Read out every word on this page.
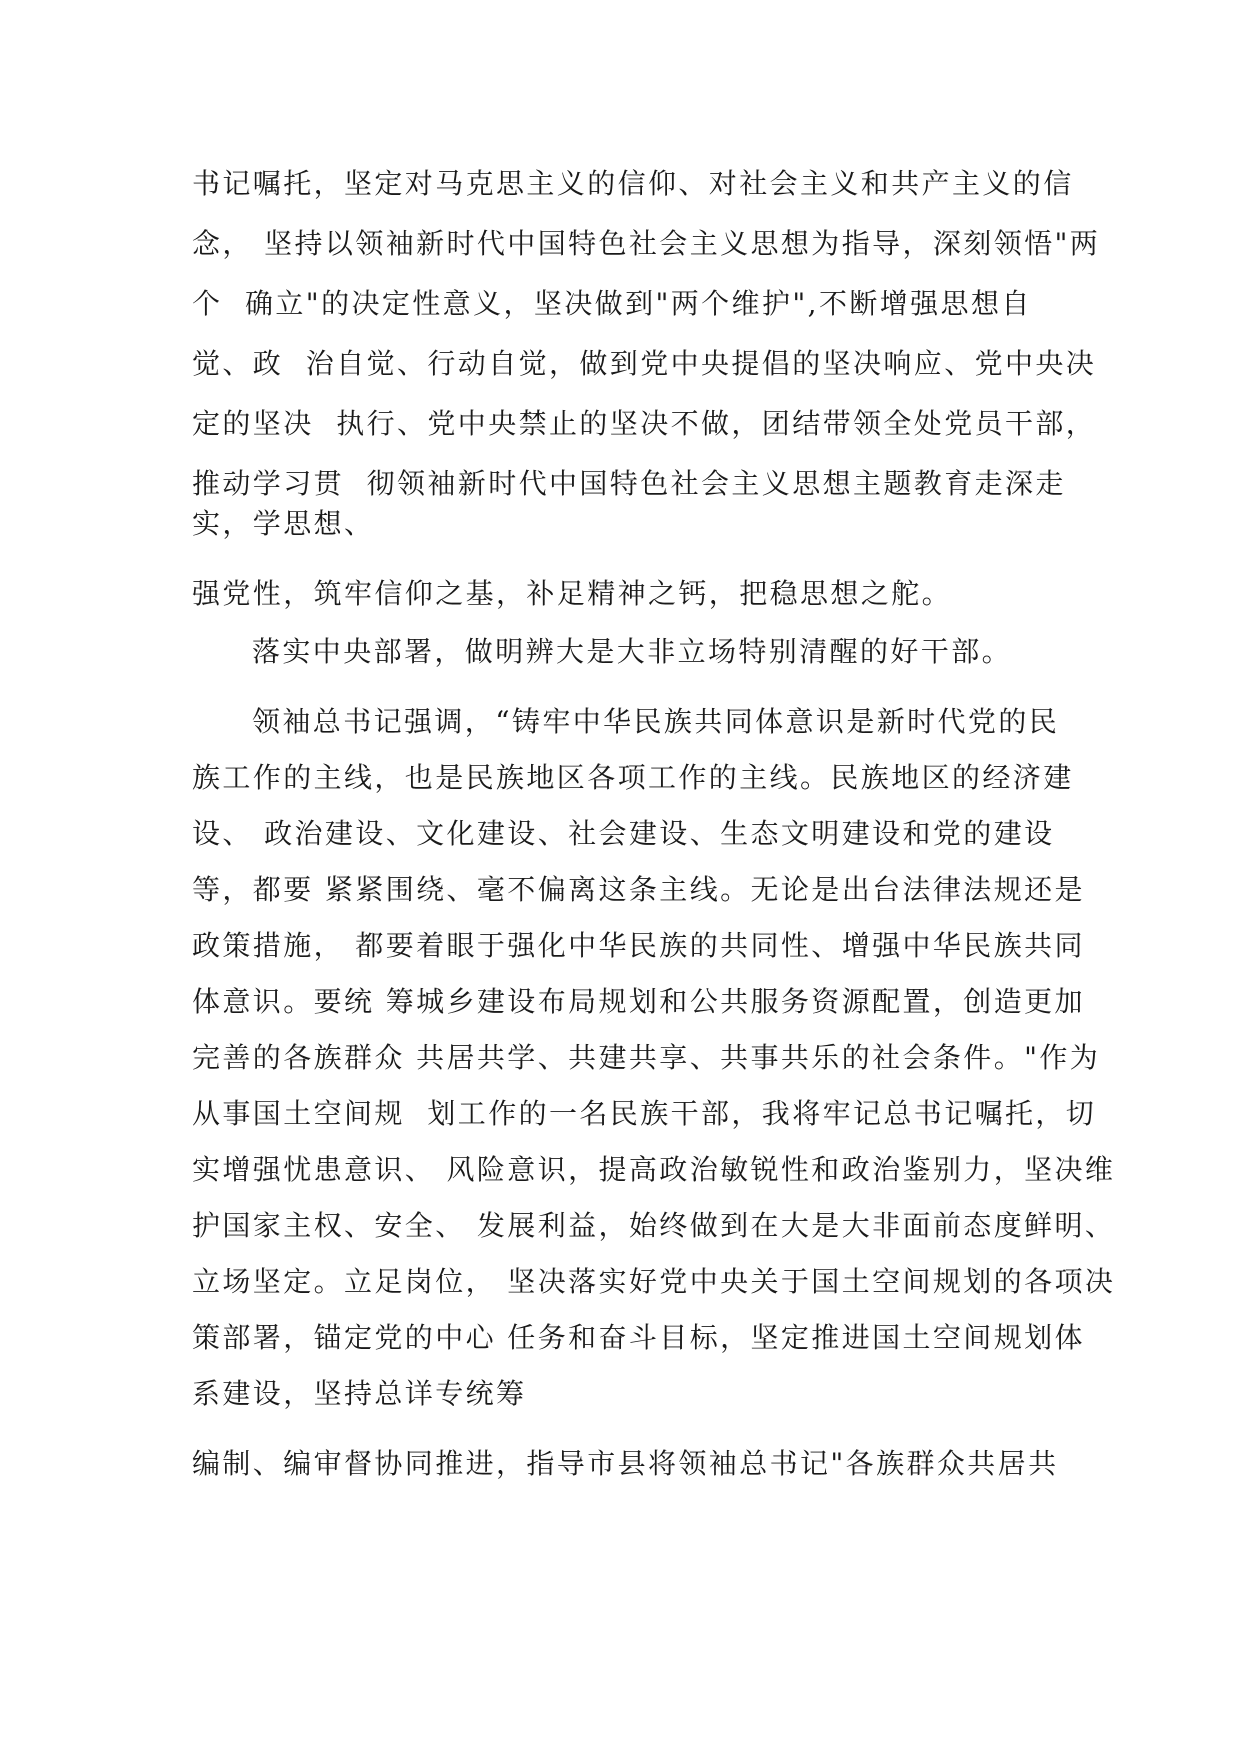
书记嘱托，坚定对马克思主义的信仰、对社会主义和共产主义的信
念， 坚持以领袖新时代中国特色社会主义思想为指导，深刻领悟"两
个  确立"的决定性意义，坚决做到"两个维护",不断增强思想自
觉、政  治自觉、行动自觉，做到党中央提倡的坚决响应、党中央决
定的坚决  执行、党中央禁止的坚决不做，团结带领全处党员干部，
推动学习贯  彻领袖新时代中国特色社会主义思想主题教育走深走
实，学思想、
强党性，筑牢信仰之基，补足精神之钙，把稳思想之舵。
落实中央部署，做明辨大是大非立场特别清醒的好干部。
领袖总书记强调，“铸牢中华民族共同体意识是新时代党的民
族工作的主线，也是民族地区各项工作的主线。民族地区的经济建
设、 政治建设、文化建设、社会建设、生态文明建设和党的建设
等，都要 紧紧围绕、毫不偏离这条主线。无论是出台法律法规还是
政策措施， 都要着眼于强化中华民族的共同性、增强中华民族共同
体意识。要统 筹城乡建设布局规划和公共服务资源配置，创造更加
完善的各族群众 共居共学、共建共享、共事共乐的社会条件。"作为
从事国土空间规  划工作的一名民族干部，我将牢记总书记嘱托，切
实增强忧患意识、 风险意识，提高政治敏锐性和政治鉴别力，坚决维
护国家主权、安全、 发展利益，始终做到在大是大非面前态度鲜明、
立场坚定。立足岗位， 坚决落实好党中央关于国土空间规划的各项决
策部署，锚定党的中心 任务和奋斗目标，坚定推进国土空间规划体
系建设，坚持总详专统筹
编制、编审督协同推进，指导市县将领袖总书记"各族群众共居共
